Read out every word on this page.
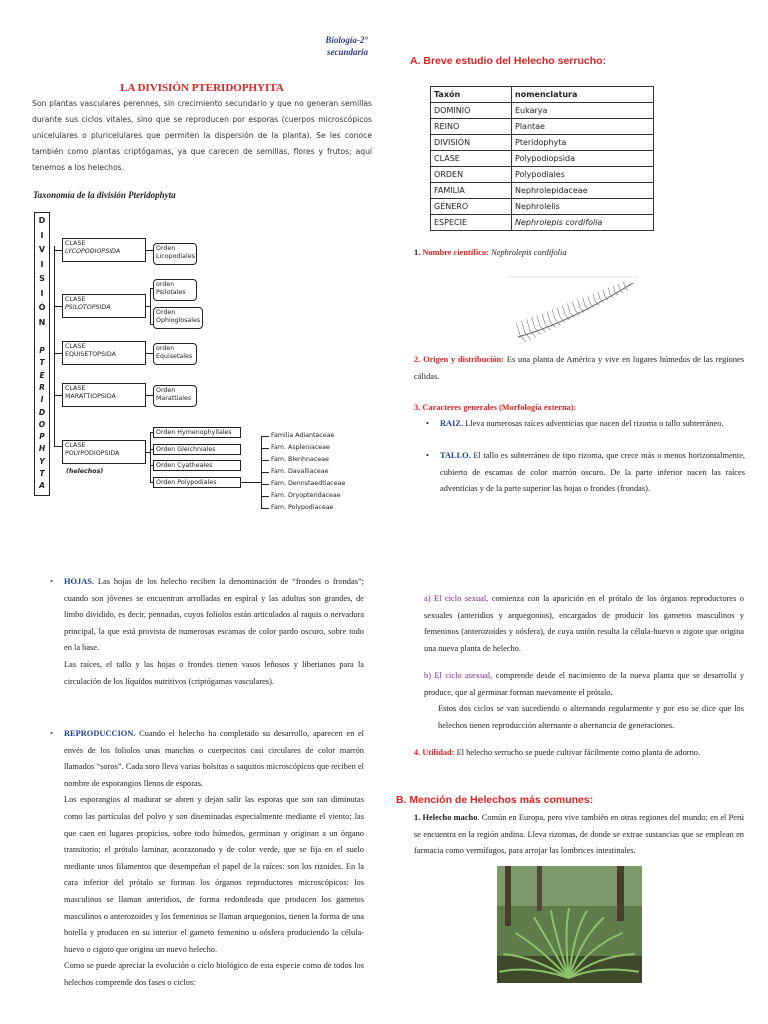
Biología-2°
secundaria
LA DIVISIÓN PTERIDOPHYITA
Son plantas vasculares perennes, sin crecimiento secundario y que no generan semillas durante sus ciclos vitales, sino que se reproducen por esporas (cuerpos microscópicos unicelulares o pluricelulares que permiten la dispersión de la planta). Se les conoce también como plantas criptógamas, ya que carecen de semillas, flores y frutos; aquí tenemos a los helechos.
Taxonomía de la división Pteridophyta
CLASE
LYCOPODIOPSIDA	Orden Licopodiales
CLASE
PSILOTOPSIDA
orden Psilotales
Orden Ophioglosales
CLASE
EQUISETOPSIDA
orden Equisetales
CLASE
MARATTIOPSIDA
Orden Marattiales
CLASE
POLYPODIOPSIDA
(helechos)
Orden Hymenophyllales
Orden Gleichniales
Orden Cyatheales
Orden Polypodiales
D
I
V
I
S
I
Ó
N
P
T
E
R
I
D
O
P
H
Y
T
A
Familia Adiantaceae
Fam. Aspleniaceae
Fam. Blenhnaceae
Fam. Davalliaceae
Fam. Dennstaedtiaceae
Fam. Dryopteridaceae
Fam. Polypodiaceae
• HOJAS. Las hojas de los helecho reciben la denominación de “frondes o frondas”; cuando son jóvenes se encuentran arrolladas en espiral y las adultas son grandes, de limbo dividido, es decir, pennadas, cuyos foliolos están articulados al raquis o nervadura principal, la que está provista de numerosas escamas de color pardo oscuro, sobre todo en la base.
Las raíces, el tallo y las hojas o frondes tienen vasos leñosos y liberianos para la circulación de los líquidos nutritivos (criptógamas vasculares).
• REPRODUCCION. Cuando el helecho ha completado su desarrollo, aparecen en el envés de los foliolos unas manchas o cuerpecitos casi circulares de color marrón llamados “soros”. Cada soro lleva varias bolsitas o saquitos microscópicos que reciben el nombre de esporangios llenos de esporas.
Los esporangios al madurar se abren y dejan salir las esporas que son tan diminutas como las partículas del polvo y son diseminadas especialmente mediante el viento; las que caen en lugares propicios, sobre todo húmedos, germinan y originan a un órgano transitorio; el prótalo laminar, acorazonado y de color verde, que se fija en el suelo mediante unos filamentos que desempeñan el papel de la raíces: son los rizoides. En la cara inferior del prótalo se forman los órganos reproductores microscópicos: los masculinos se llaman anteridios, de forma redondeada que producen los gametos masculinos o anterozoides y los femeninos se llaman arquegonios, tienen la forma de una botella y producen en su interior el gameto femenino u oósfera produciendo la célula-huevo o cigoto que origina un nuevo helecho.
Como se puede apreciar la evolución o ciclo biológico de esta especie como de todos los helechos comprende dos fases o ciclos:
A. Breve estudio del Helecho serrucho:
Taxón	nomenclatura
DOMINIO	Eukarya
REINO	Plantae
DIVISIÓN	Pteridophyta
CLASE	Polypodiopsida
ORDEN	Polypodiales
FAMILIA	Nephrolepidaceae
GÉNERO	Nephrolelis
ESPECIE	Nephrolepis cordifolia
1. Nombre científico: Nephrolepis cordifolia
2. Origen y distribución: Es una planta de América y vive en lugares húmedos de las regiones cálidas.
3. Caracteres generales (Morfología externa):
• RAIZ. Lleva numerosas raíces adventicias que nacen del rizoma o tallo subterráneo.
• TALLO. El tallo es subterráneo de tipo rizoma, que crece más o menos horizontalmente, cubierto de escamas de color marrón oscuro. De la parte inferior nacen las raíces adventicias y de la parte superior las hojas o frondes (frondas).
a) El ciclo sexual, comienza con la aparición en el prótalo de los órganos reproductores o sexuales (anteridios y arquegonios), encargados de producir los gametos masculinos y femeninos (anterozoides y oósfera), de cuya unión resulta la célula-huevo o zigote que origina una nueva planta de helecho.
b) El ciclo asexual, comprende desde el nacimiento de la nueva planta que se desarrolla y produce, que al germinar forman nuevamente el prótalo.
Estos dos ciclos se van sucediendo o alternando regularmente y por eso se dice que los helechos tienen reproducción alternante o alternancia de generaciones.
4. Utilidad: El helecho serrucho se puede cultivar fácilmente como planta de adorno.
B. Mención de Helechos más comunes:
1. Helecho macho. Común en Europa, pero vive también en otras regiones del mundo; en el Perú se encuentra en la región andina. Lleva rizomas, de donde se extrae sustancias que se emplean en farmacia como vermífugos, para arrojar las lombrices intestinales.
